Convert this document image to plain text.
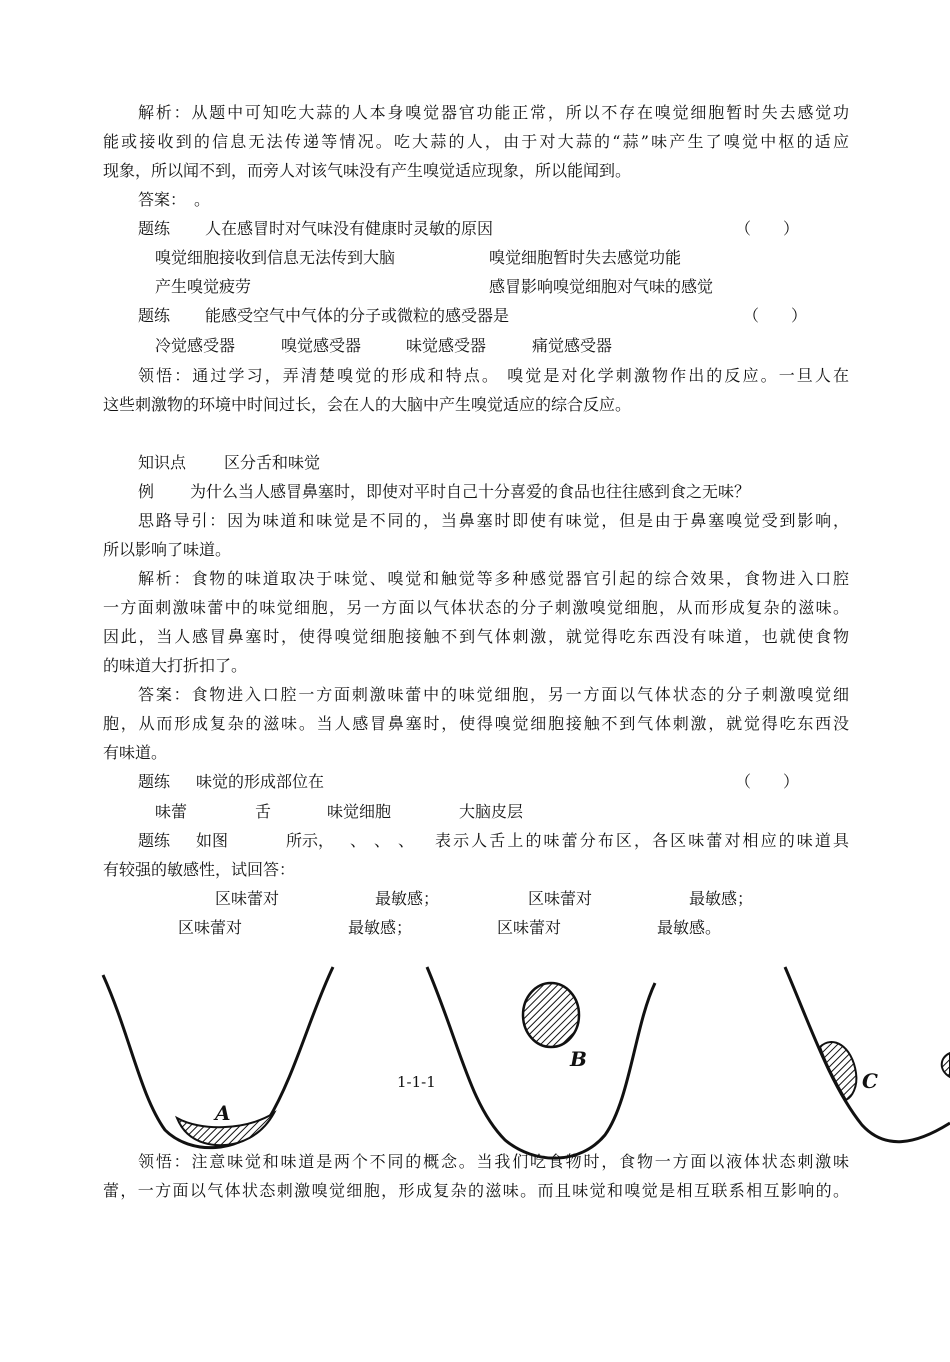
解析：从题中可知吃大蒜的人本身嗅觉器官功能正常，所以不存在嗅觉细胞暂时失去感觉功
能或接收到的信息无法传递等情况。吃大蒜的人，由于对大蒜的“蒜”味产生了嗅觉中枢的适应
现象，所以闻不到，而旁人对该气味没有产生嗅觉适应现象，所以能闻到。
答案：　。
题练 人在感冒时对气味没有健康时灵敏的原因	（　　）
嗅觉细胞接收到信息无法传到大脑	嗅觉细胞暂时失去感觉功能
产生嗅觉疲劳	感冒影响嗅觉细胞对气味的感觉
题练 能感受空气中气体的分子或微粒的感受器是	（　　）
冷觉感受器	嗅觉感受器	味觉感受器	痛觉感受器
领悟：通过学习，弄清楚嗅觉的形成和特点。 嗅觉是对化学刺激物作出的反应。一旦人在
这些刺激物的环境中时间过长，会在人的大脑中产生嗅觉适应的综合反应。
知识点 区分舌和味觉
例 为什么当人感冒鼻塞时，即使对平时自己十分喜爱的食品也往往感到食之无味？
思路导引：因为味道和味觉是不同的，当鼻塞时即使有味觉，但是由于鼻塞嗅觉受到影响，
所以影响了味道。
解析：食物的味道取决于味觉、嗅觉和触觉等多种感觉器官引起的综合效果，食物进入口腔
一方面刺激味蕾中的味觉细胞，另一方面以气体状态的分子刺激嗅觉细胞，从而形成复杂的滋味。
因此，当人感冒鼻塞时，使得嗅觉细胞接触不到气体刺激，就觉得吃东西没有味道，也就使食物
的味道大打折扣了。
答案：食物进入口腔一方面刺激味蕾中的味觉细胞，另一方面以气体状态的分子刺激嗅觉细
胞，从而形成复杂的滋味。当人感冒鼻塞时，使得嗅觉细胞接触不到气体刺激，就觉得吃东西没
有味道。
题练 味觉的形成部位在	（　　）
味蕾	舌	味觉细胞	大脑皮层
题练 如图	所示， 、　、　、 表示人舌上的味蕾分布区，各区味蕾对相应的味道具
有较强的敏感性，试回答：
区味蕾对	最敏感；	区味蕾对	最敏感；
区味蕾对	最敏感；	区味蕾对	最敏感。
A
1-1-1
B
C
领悟：注意味觉和味道是两个不同的概念。当我们吃食物时，食物一方面以液体状态刺激味
蕾，一方面以气体状态刺激嗅觉细胞，形成复杂的滋味。而且味觉和嗅觉是相互联系相互影响的。
